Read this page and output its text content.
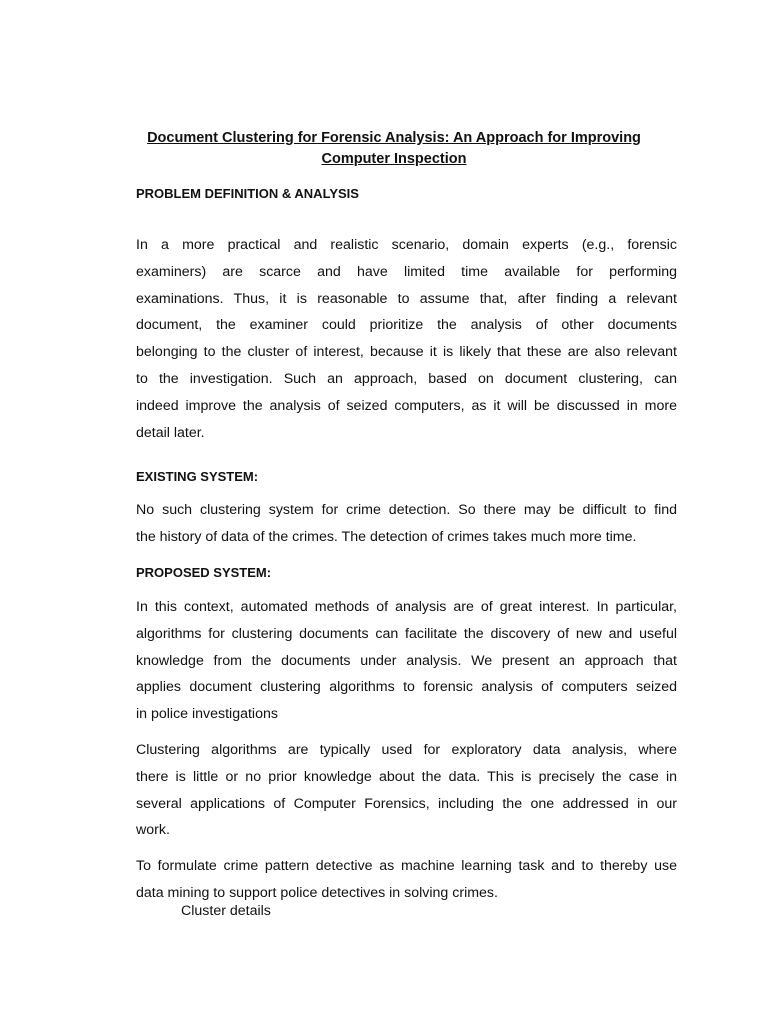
Document Clustering for Forensic Analysis: An Approach for Improving
Computer Inspection
PROBLEM DEFINITION & ANALYSIS
In a more practical and realistic scenario, domain experts (e.g., forensic
examiners) are scarce and have limited time available for performing
examinations. Thus, it is reasonable to assume that, after finding a relevant
document, the examiner could prioritize the analysis of other documents
belonging to the cluster of interest, because it is likely that these are also relevant
to the investigation. Such an approach, based on document clustering, can
indeed improve the analysis of seized computers, as it will be discussed in more
detail later.
EXISTING SYSTEM:
No such clustering system for crime detection. So there may be difficult to find
the history of data of the crimes. The detection of crimes takes much more time.
PROPOSED SYSTEM:
In this context, automated methods of analysis are of great interest. In particular,
algorithms for clustering documents can facilitate the discovery of new and useful
knowledge from the documents under analysis. We present an approach that
applies document clustering algorithms to forensic analysis of computers seized
in police investigations
Clustering algorithms are typically used for exploratory data analysis, where
there is little or no prior knowledge about the data. This is precisely the case in
several applications of Computer Forensics, including the one addressed in our
work.
To formulate crime pattern detective as machine learning task and to thereby use
data mining to support police detectives in solving crimes.
Cluster details
